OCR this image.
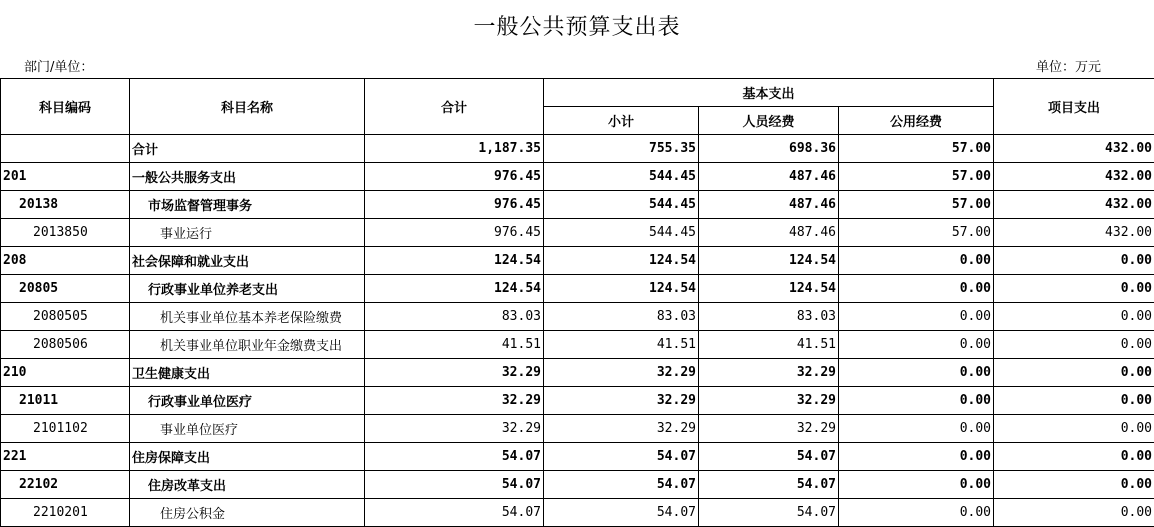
一般公共预算支出表
部门/单位：	单位：万元
科目编码	科目名称	合计	基本支出			项目支出
			小计	人员经费	公用经费	
	合计	1,187.35	755.35	698.36	57.00	432.00
201	一般公共服务支出	976.45	544.45	487.46	57.00	432.00
20138	市场监督管理事务	976.45	544.45	487.46	57.00	432.00
2013850	事业运行	976.45	544.45	487.46	57.00	432.00
208	社会保障和就业支出	124.54	124.54	124.54	0.00	0.00
20805	行政事业单位养老支出	124.54	124.54	124.54	0.00	0.00
2080505	机关事业单位基本养老保险缴费	83.03	83.03	83.03	0.00	0.00
2080506	机关事业单位职业年金缴费支出	41.51	41.51	41.51	0.00	0.00
210	卫生健康支出	32.29	32.29	32.29	0.00	0.00
21011	行政事业单位医疗	32.29	32.29	32.29	0.00	0.00
2101102	事业单位医疗	32.29	32.29	32.29	0.00	0.00
221	住房保障支出	54.07	54.07	54.07	0.00	0.00
22102	住房改革支出	54.07	54.07	54.07	0.00	0.00
2210201	住房公积金	54.07	54.07	54.07	0.00	0.00
